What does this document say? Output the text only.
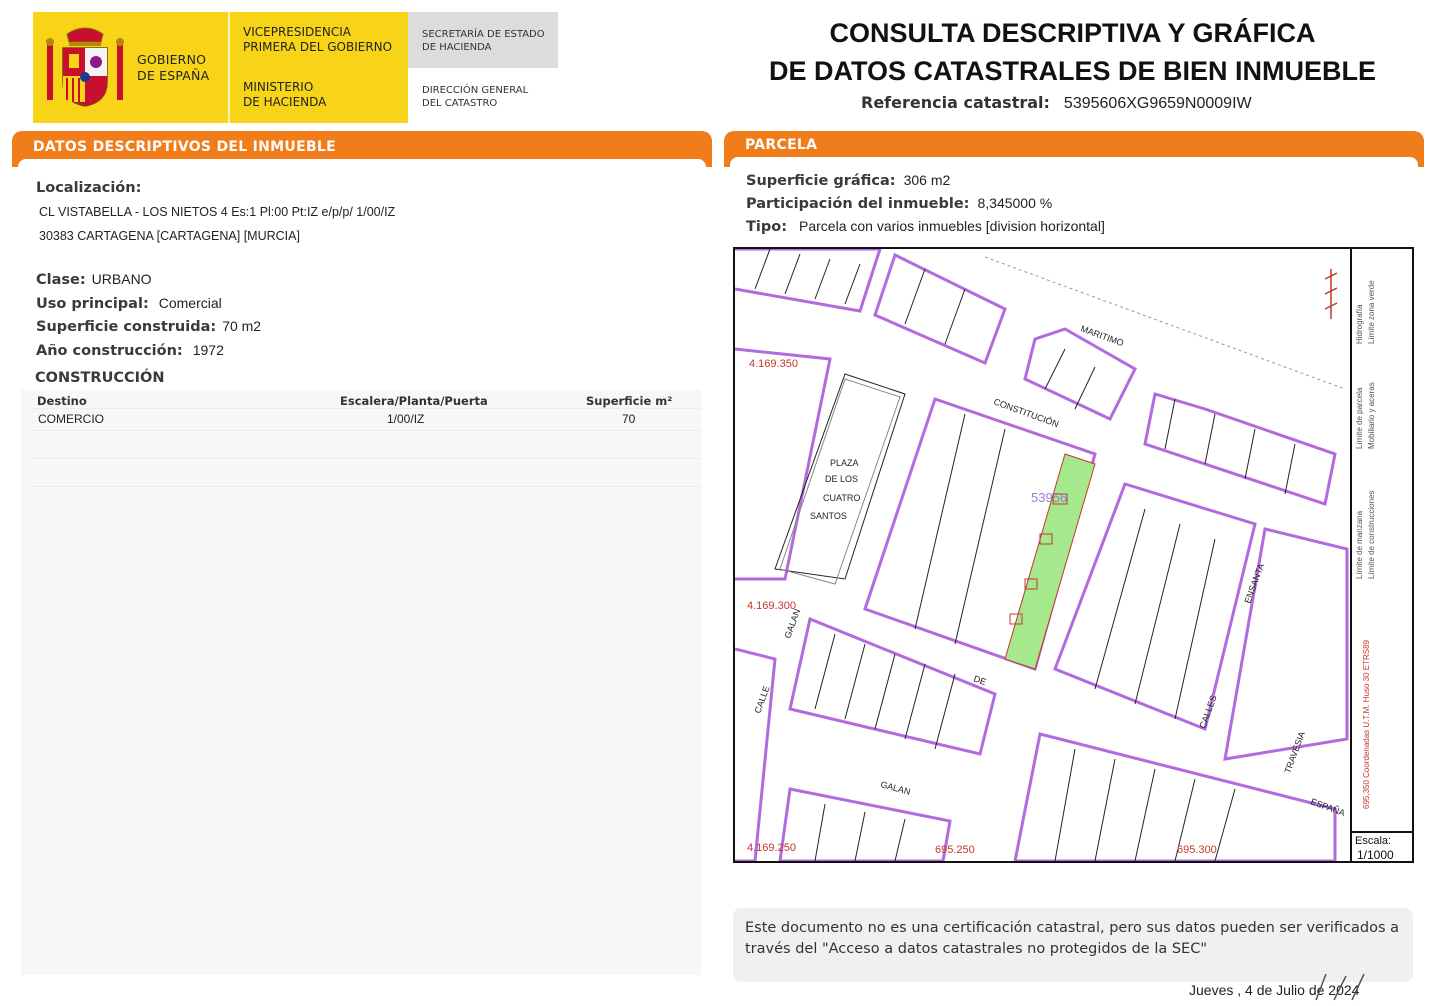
GOBIERNO
DE ESPAÑA
VICEPRESIDENCIA
PRIMERA DEL GOBIERNO
MINISTERIO
DE HACIENDA
SECRETARÍA DE ESTADO
DE HACIENDA
DIRECCIÓN GENERAL
DEL CATASTRO
CONSULTA DESCRIPTIVA Y GRÁFICA
DE DATOS CATASTRALES DE BIEN INMUEBLE
Referencia catastral: 5395606XG9659N0009IW
DATOS DESCRIPTIVOS DEL INMUEBLE	PARCELA
Localización:
CL VISTABELLA - LOS NIETOS 4 Es:1 Pl:00 Pt:IZ e/p/p/ 1/00/IZ
30383 CARTAGENA [CARTAGENA] [MURCIA]
Clase: URBANO
Uso principal: Comercial
Superficie construida: 70 m2
Año construcción: 1972
CONSTRUCCIÓN
Destino	Escalera/Planta/Puerta	Superficie m²
COMERCIO	1/00/IZ	70
Superficie gráfica: 306 m2
Participación del inmueble: 8,345000 %
Tipo: Parcela con varios inmuebles [division horizontal]
MARITIMO
CONSTITUCIÓN
PLAZA
DE LOS
CUATRO
SANTOS
GALAN
CALLE
DE
GALAN
ESPAÑA
ENSANTA
TRAVESIA
CALLES
53956
4.169.350
4.169.300
4.169.250	695.250	695.300
Límite de manzana
Límite de parcela
Hidrografía
Límite de construcciones
Mobiliario y aceras
Límite zona verde
695,350 Coordenadas U.T.M. Huso 30 ETRS89
Escala:
1/1000
Este documento no es una certificación catastral, pero sus datos pueden ser verificados a través del "Acceso a datos catastrales no protegidos de la SEC"
Jueves , 4 de Julio de 2024
